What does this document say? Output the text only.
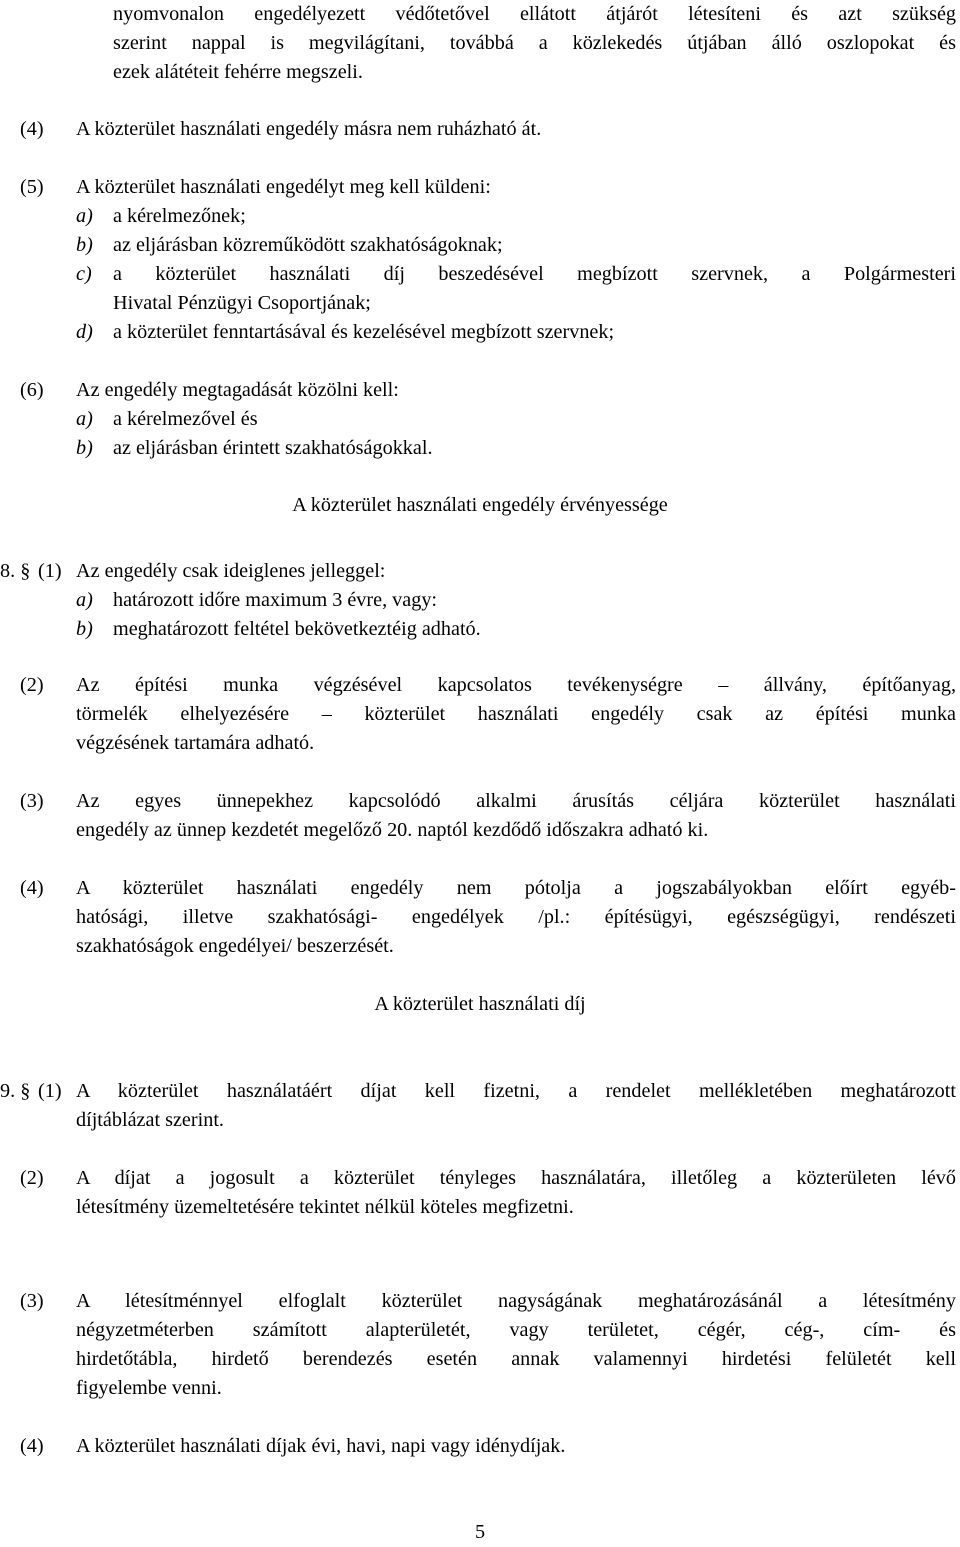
nyomvonalon engedélyezett védőtetővel ellátott átjárót létesíteni és azt szükség
szerint nappal is megvilágítani, továbbá a közlekedés útjában álló oszlopokat és
ezek alátéteit fehérre megszeli.
(4) A közterület használati engedély másra nem ruházható át.
(5) A közterület használati engedélyt meg kell küldeni:
a) a kérelmezőnek;
b) az eljárásban közreműködött szakhatóságoknak;
c) a közterület használati díj beszedésével megbízott szervnek, a Polgármesteri
Hivatal Pénzügyi Csoportjának;
d) a közterület fenntartásával és kezelésével megbízott szervnek;
(6) Az engedély megtagadását közölni kell:
a) a kérelmezővel és
b) az eljárásban érintett szakhatóságokkal.
A közterület használati engedély érvényessége
8. § (1) Az engedély csak ideiglenes jelleggel:
a) határozott időre maximum 3 évre, vagy:
b) meghatározott feltétel bekövetkeztéig adható.
(2) Az építési munka végzésével kapcsolatos tevékenységre – állvány, építőanyag,
törmelék elhelyezésére – közterület használati engedély csak az építési munka
végzésének tartamára adható.
(3) Az egyes ünnepekhez kapcsolódó alkalmi árusítás céljára közterület használati
engedély az ünnep kezdetét megelőző 20. naptól kezdődő időszakra adható ki.
(4) A közterület használati engedély nem pótolja a jogszabályokban előírt egyéb-
hatósági, illetve szakhatósági- engedélyek /pl.: építésügyi, egészségügyi, rendészeti
szakhatóságok engedélyei/ beszerzését.
A közterület használati díj
9. § (1) A közterület használatáért díjat kell fizetni, a rendelet mellékletében meghatározott
díjtáblázat szerint.
(2) A díjat a jogosult a közterület tényleges használatára, illetőleg a közterületen lévő
létesítmény üzemeltetésére tekintet nélkül köteles megfizetni.
(3) A létesítménnyel elfoglalt közterület nagyságának meghatározásánál a létesítmény
négyzetméterben számított alapterületét, vagy területet, cégér, cég-, cím- és
hirdetőtábla, hirdető berendezés esetén annak valamennyi hirdetési felületét kell
figyelembe venni.
(4) A közterület használati díjak évi, havi, napi vagy idénydíjak.
5
